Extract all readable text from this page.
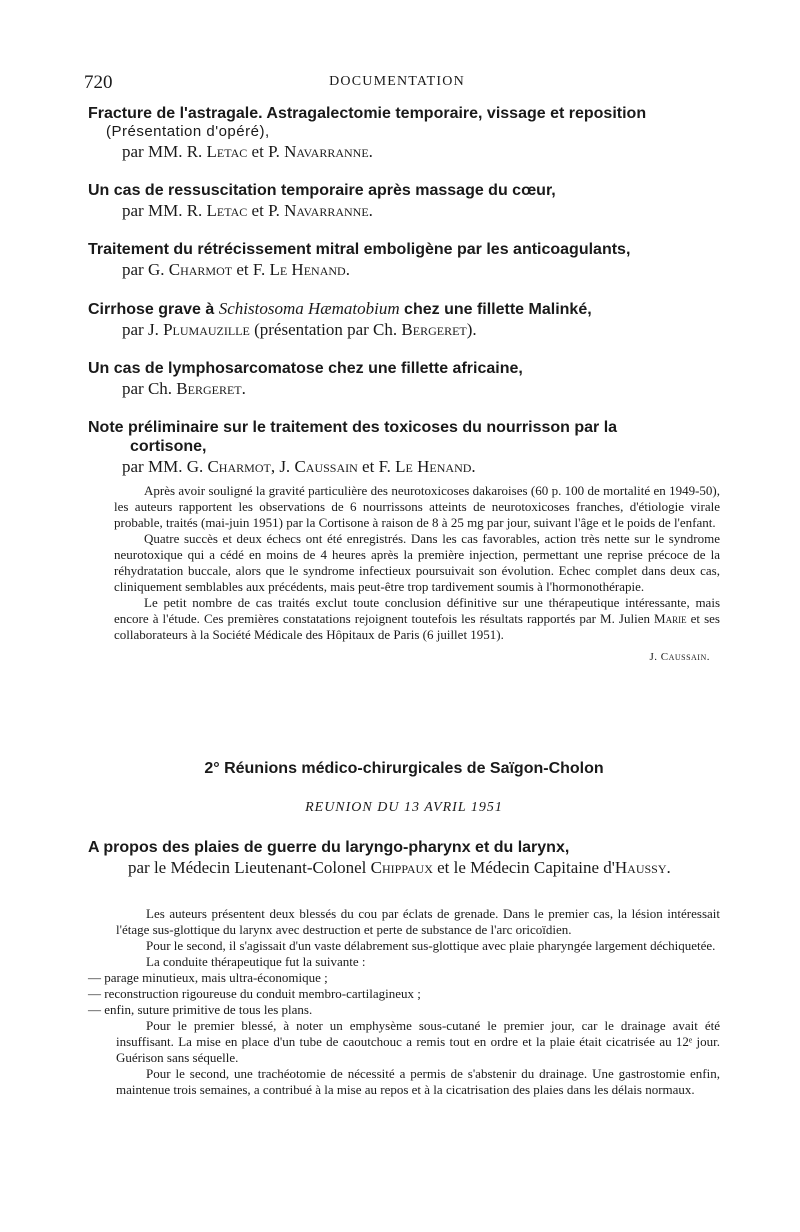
720	DOCUMENTATION
Fracture de l'astragale. Astragalectomie temporaire, vissage et reposition
(Présentation d'opéré),
par MM. R. Letac et P. Navarranne.
Un cas de ressuscitation temporaire après massage du cœur,
par MM. R. Letac et P. Navarranne.
Traitement du rétrécissement mitral emboligène par les anticoagulants,
par G. Charmot et F. Le Henand.
Cirrhose grave à Schistosoma Hæmatobium chez une fillette Malinké,
par J. Plumauzille (présentation par Ch. Bergeret).
Un cas de lymphosarcomatose chez une fillette africaine,
par Ch. Bergeret.
Note préliminaire sur le traitement des toxicoses du nourrisson par la
cortisone,
par MM. G. Charmot, J. Caussain et F. Le Henand.

Après avoir souligné la gravité particulière des neurotoxicoses dakaroises (60 p. 100 de mortalité en 1949-50), les auteurs rapportent les observations de 6 nourrissons atteints de neurotoxicoses franches, d'étiologie virale probable, traités (mai-juin 1951) par la Cortisone à raison de 8 à 25 mg par jour, suivant l'âge et le poids de l'enfant.

Quatre succès et deux échecs ont été enregistrés. Dans les cas favorables, action très nette sur le syndrome neurotoxique qui a cédé en moins de 4 heures après la première injection, permettant une reprise précoce de la réhydratation buccale, alors que le syndrome infectieux poursuivait son évolution. Echec complet dans deux cas, cliniquement semblables aux précédents, mais peut-être trop tardivement soumis à l'hormonothérapie.

Le petit nombre de cas traités exclut toute conclusion définitive sur une thérapeutique intéressante, mais encore à l'étude. Ces premières constatations rejoignent toutefois les résultats rapportés par M. Julien Marie et ses collaborateurs à la Société Médicale des Hôpitaux de Paris (6 juillet 1951).

J. Caussain.
2° Réunions médico-chirurgicales de Saïgon-Cholon
REUNION DU 13 AVRIL 1951
A propos des plaies de guerre du laryngo-pharynx et du larynx,
par le Médecin Lieutenant-Colonel Chippaux et le Médecin Capitaine d'Haussy.

Les auteurs présentent deux blessés du cou par éclats de grenade. Dans le premier cas, la lésion intéressait l'étage sus-glottique du larynx avec destruction et perte de substance de l'arc oricoïdien.

Pour le second, il s'agissait d'un vaste délabrement sus-glottique avec plaie pharyngée largement déchiquetée.

La conduite thérapeutique fut la suivante :

— parage minutieux, mais ultra-économique ;
— reconstruction rigoureuse du conduit membro-cartilagineux ;
— enfin, suture primitive de tous les plans.

Pour le premier blessé, à noter un emphysème sous-cutané le premier jour, car le drainage avait été insuffisant. La mise en place d'un tube de caoutchouc a remis tout en ordre et la plaie était cicatrisée au 12ᵉ jour. Guérison sans séquelle.

Pour le second, une trachéotomie de nécessité a permis de s'abstenir du drainage. Une gastrostomie enfin, maintenue trois semaines, a contribué à la mise au repos et à la cicatrisation des plaies dans les délais normaux.
